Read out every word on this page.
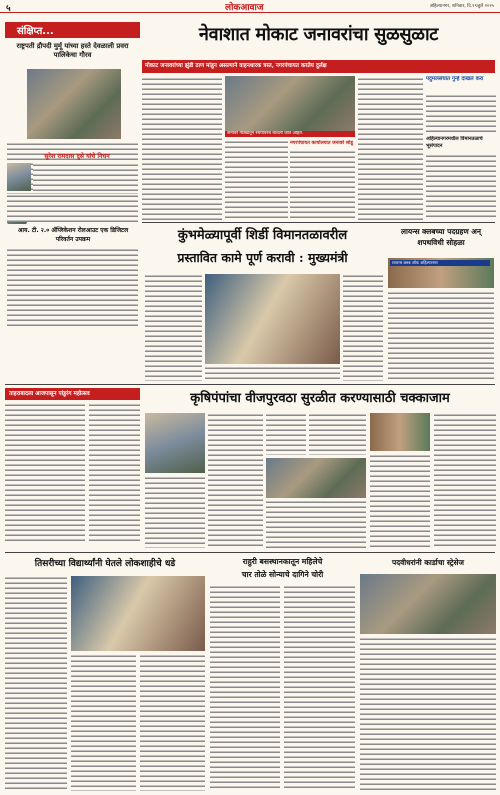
५	लोकआवाज	अहिल्यानगर, शनिवार, दि.१९जुलै २०२५
संक्षिप्त...	नेवाशात मोकाट जनावरांचा सुळसुळाट
मोकाट जनावरांच्या झुंडी ठाण मांडून असल्याने वाहनधारक त्रस्त, नगरपंचायत करतेय दुर्लक्ष
राष्ट्रपती द्रौपदी मुर्मू यांच्या हस्ते देवळाली प्रवरा पालिकेचा गौरव
सुरेश रामदास दुसे यांचे निधन
आय. टी. २.० ॲप्लिकेशन रोलआउट एक डिजिटल परिवर्तन उपक्रम
जनावरे गोठ्यातून रस्त्यावरच बांधली जात आहेत.
नगरपंचायत कार्यालयात जनावरे सोडू
पदुमलसंघात गुन्हे दाखल करा
अहिल्यानगरमधील विमानतळाचे भूसंपादन
कुंभमेळ्यापूर्वी शिर्डी विमानतळावरील
प्रस्तावित कामे पूर्ण करावी : मुख्यमंत्री
लायन्स क्लबच्या पदग्रहण अन् शपथविधी सोहळा
लायन्स क्लब ऑफ अहिल्यानगर
कृषिपंपांचा वीजपुरवठा सुरळीत करण्यासाठी चक्काजाम
ताहराबादला आजपासून पांडुरंग महोत्सव
तिसरीच्या विद्यार्थ्यांनी घेतले लोकशाहीचे धडे	राहुरी बसस्थानकातून महिलेचे
चार तोळे सोन्याचे दागिने चोरी
पदवीधरांनी कार्डाचा स्ट्रेसेज
